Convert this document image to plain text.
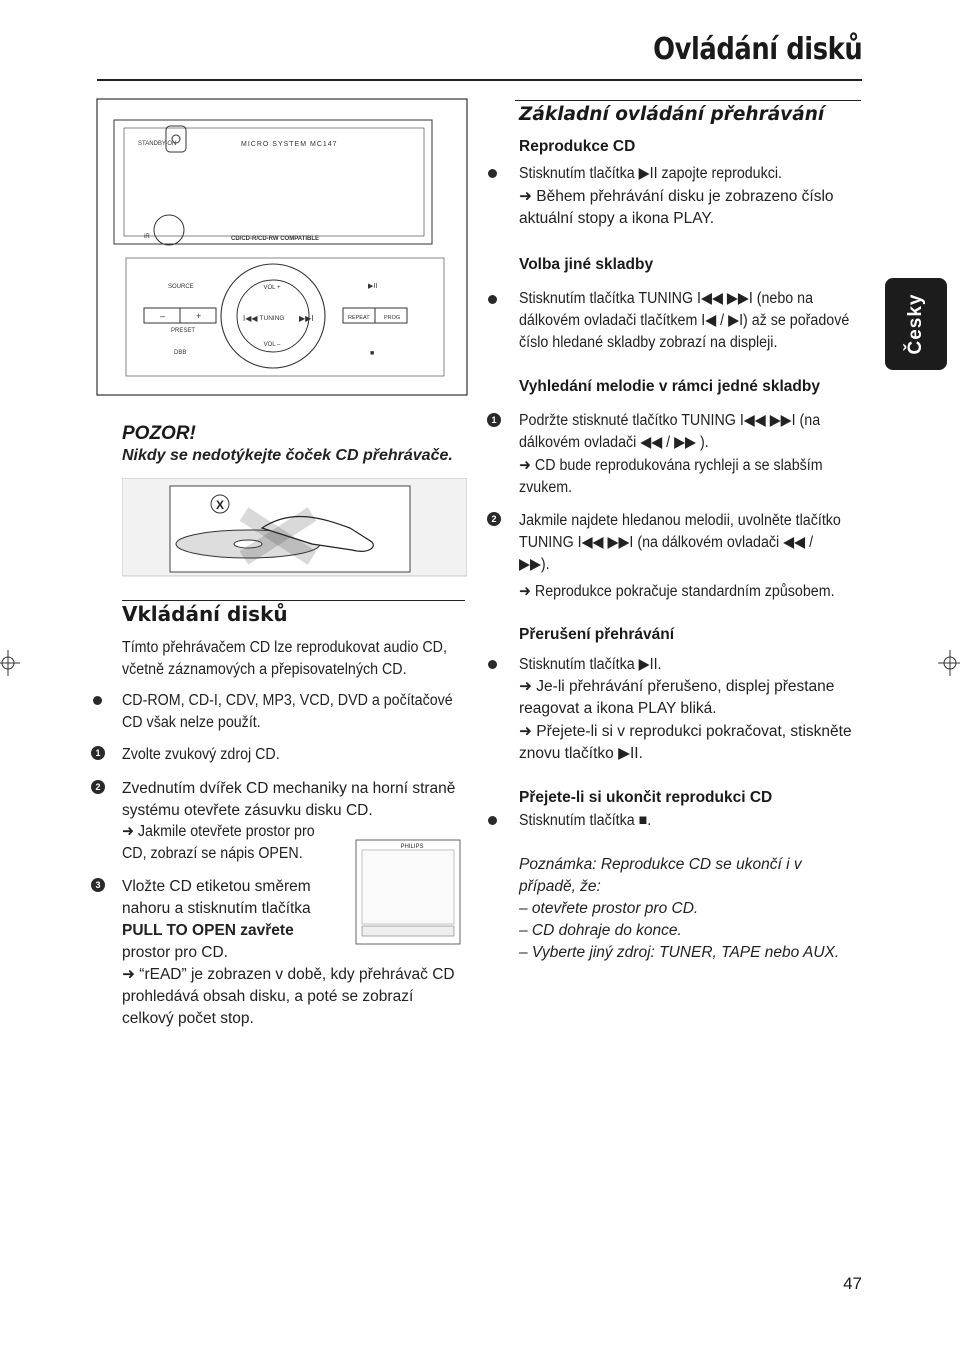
Ovládání disků
Česky
STANDBY-ON	MICRO SYSTEM MC147
iR	CD/CD-R/CD-RW COMPATIBLE
VOL +
TUNING
VOL –
I◀◀	▶▶I
SOURCE
–	+
PRESET
DBB
▶II
REPEAT	PROG
■
POZOR!
Nikdy se nedotýkejte čoček CD přehrávače.
X
Vkládání disků
Tímto přehrávačem CD lze reprodukovat audio CD,
včetně záznamových a přepisovatelných CD.
CD-ROM, CD-I, CDV, MP3, VCD, DVD a počítačové
CD však nelze použít.
1 Zvolte zvukový zdroj CD.
2 Zvednutím dvířek CD mechaniky na horní straně
systému otevřete zásuvku disku CD.
➜ Jakmile otevřete prostor pro
CD, zobrazí se nápis OPEN.
3 Vložte CD etiketou směrem
nahoru a stisknutím tlačítka
PULL TO OPEN zavřete
prostor pro CD.
➜ “rEAD” je zobrazen v době, kdy přehrávač CD
prohledává obsah disku, a poté se zobrazí
celkový počet stop.
PHILIPS
Základní ovládání přehrávání
Reprodukce CD
Stisknutím tlačítka ▶II zapojte reprodukci.
➜ Během přehrávání disku je zobrazeno číslo
aktuální stopy a ikona PLAY.
Volba jiné skladby
Stisknutím tlačítka TUNING I◀◀ ▶▶I (nebo na
dálkovém ovladači tlačítkem I◀ / ▶I) až se pořadové
číslo hledané skladby zobrazí na displeji.
Vyhledání melodie v rámci jedné skladby
1 Podržte stisknuté tlačítko TUNING I◀◀ ▶▶I (na
dálkovém ovladači ◀◀ / ▶▶ ).
➜ CD bude reprodukována rychleji a se slabším
zvukem.
2 Jakmile najdete hledanou melodii, uvolněte tlačítko
TUNING I◀◀ ▶▶I (na dálkovém ovladači ◀◀ /
▶▶).
➜ Reprodukce pokračuje standardním způsobem.
Přerušení přehrávání
Stisknutím tlačítka ▶II.
➜ Je-li přehrávání přerušeno, displej přestane
reagovat a ikona PLAY bliká.
➜ Přejete-li si v reprodukci pokračovat, stiskněte
znovu tlačítko ▶II.
Přejete-li si ukončit reprodukci CD
Stisknutím tlačítka ■.
Poznámka: Reprodukce CD se ukončí i v
případě, že:
– otevřete prostor pro CD.
– CD dohraje do konce.
– Vyberte jiný zdroj: TUNER, TAPE nebo AUX.
47
